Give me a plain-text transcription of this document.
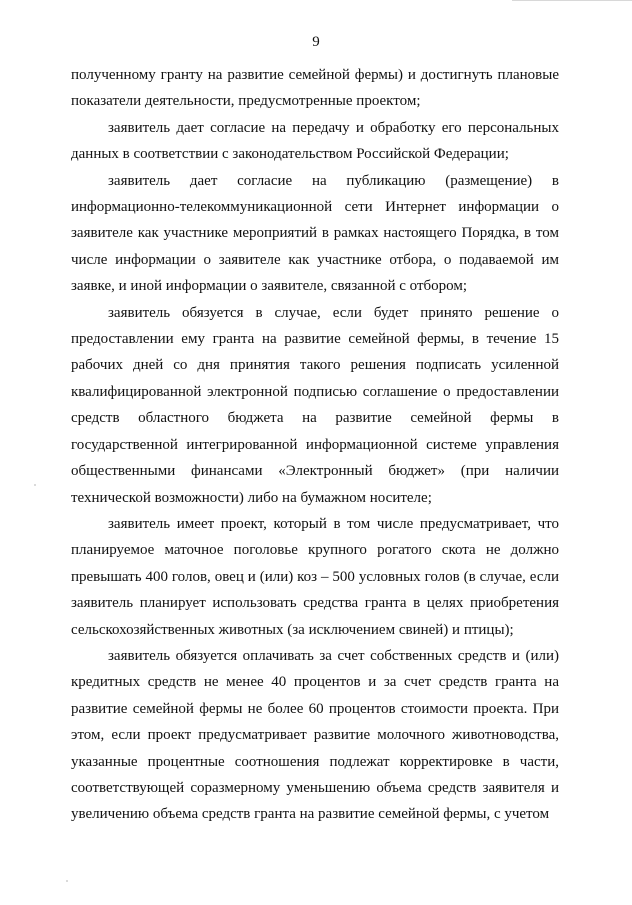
9

полученному гранту на развитие семейной фермы) и достигнуть плановые показатели деятельности, предусмотренные проектом;

заявитель дает согласие на передачу и обработку его персональных данных в соответствии с законодательством Российской Федерации;

заявитель дает согласие на публикацию (размещение) в информационно-телекоммуникационной сети Интернет информации о заявителе как участнике мероприятий в рамках настоящего Порядка, в том числе информации о заявителе как участнике отбора, о подаваемой им заявке, и иной информации о заявителе, связанной с отбором;

заявитель обязуется в случае, если будет принято решение о предоставлении ему гранта на развитие семейной фермы, в течение 15 рабочих дней со дня принятия такого решения подписать усиленной квалифицированной электронной подписью соглашение о предоставлении средств областного бюджета на развитие семейной фермы в государственной интегрированной информационной системе управления общественными финансами «Электронный бюджет» (при наличии технической возможности) либо на бумажном носителе;

заявитель имеет проект, который в том числе предусматривает, что планируемое маточное поголовье крупного рогатого скота не должно превышать 400 голов, овец и (или) коз – 500 условных голов (в случае, если заявитель планирует использовать средства гранта в целях приобретения сельскохозяйственных животных (за исключением свиней) и птицы);

заявитель обязуется оплачивать за счет собственных средств и (или) кредитных средств не менее 40 процентов и за счет средств гранта на развитие семейной фермы не более 60 процентов стоимости проекта. При этом, если проект предусматривает развитие молочного животноводства, указанные процентные соотношения подлежат корректировке в части, соответствующей соразмерному уменьшению объема средств заявителя и увеличению объема средств гранта на развитие семейной фермы, с учетом
